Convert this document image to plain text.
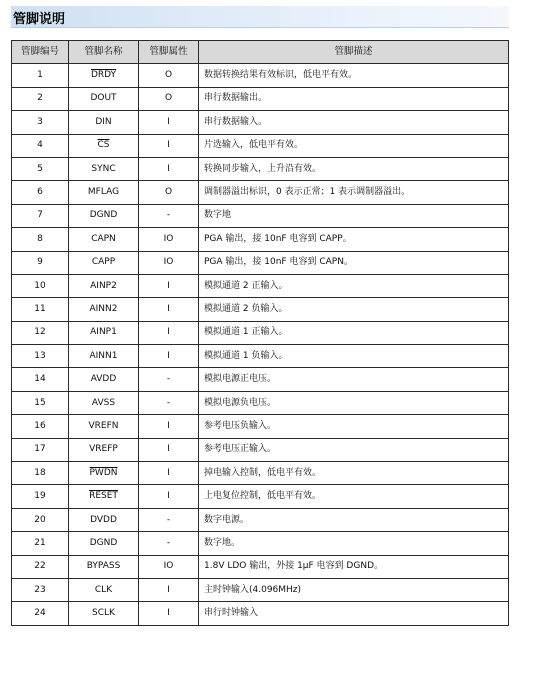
管脚说明
管脚编号	管脚名称	管脚属性	管脚描述
1	DRDY	O	数据转换结果有效标识，低电平有效。
2	DOUT	O	串行数据输出。
3	DIN	I	串行数据输入。
4	$\overline{CS}$	I	片选输入，低电平有效。
5	SYNC	I	转换同步输入，上升沿有效。
6	MFLAG	O	调制器溢出标识，0 表示正常；1 表示调制器溢出。
7	DGND	-	数字地
8	CAPN	IO	PGA 输出，接 10nF 电容到 CAPP。
9	CAPP	IO	PGA 输出，接 10nF 电容到 CAPN。
10	AINP2	I	模拟通道 2 正输入。
11	AINN2	I	模拟通道 2 负输入。
12	AINP1	I	模拟通道 1 正输入。
13	AINN1	I	模拟通道 1 负输入。
14	AVDD	-	模拟电源正电压。
15	AVSS	-	模拟电源负电压。
16	VREFN	I	参考电压负输入。
17	VREFP	I	参考电压正输入。
18	PWDN	I	掉电输入控制，低电平有效。
19	RESET	I	上电复位控制，低电平有效。
20	DVDD	-	数字电源。
21	DGND	-	数字地。
22	BYPASS	IO	1.8V LDO 输出，外接 1μF 电容到 DGND。
23	CLK	I	主时钟输入(4.096MHz)
24	SCLK	I	串行时钟输入
